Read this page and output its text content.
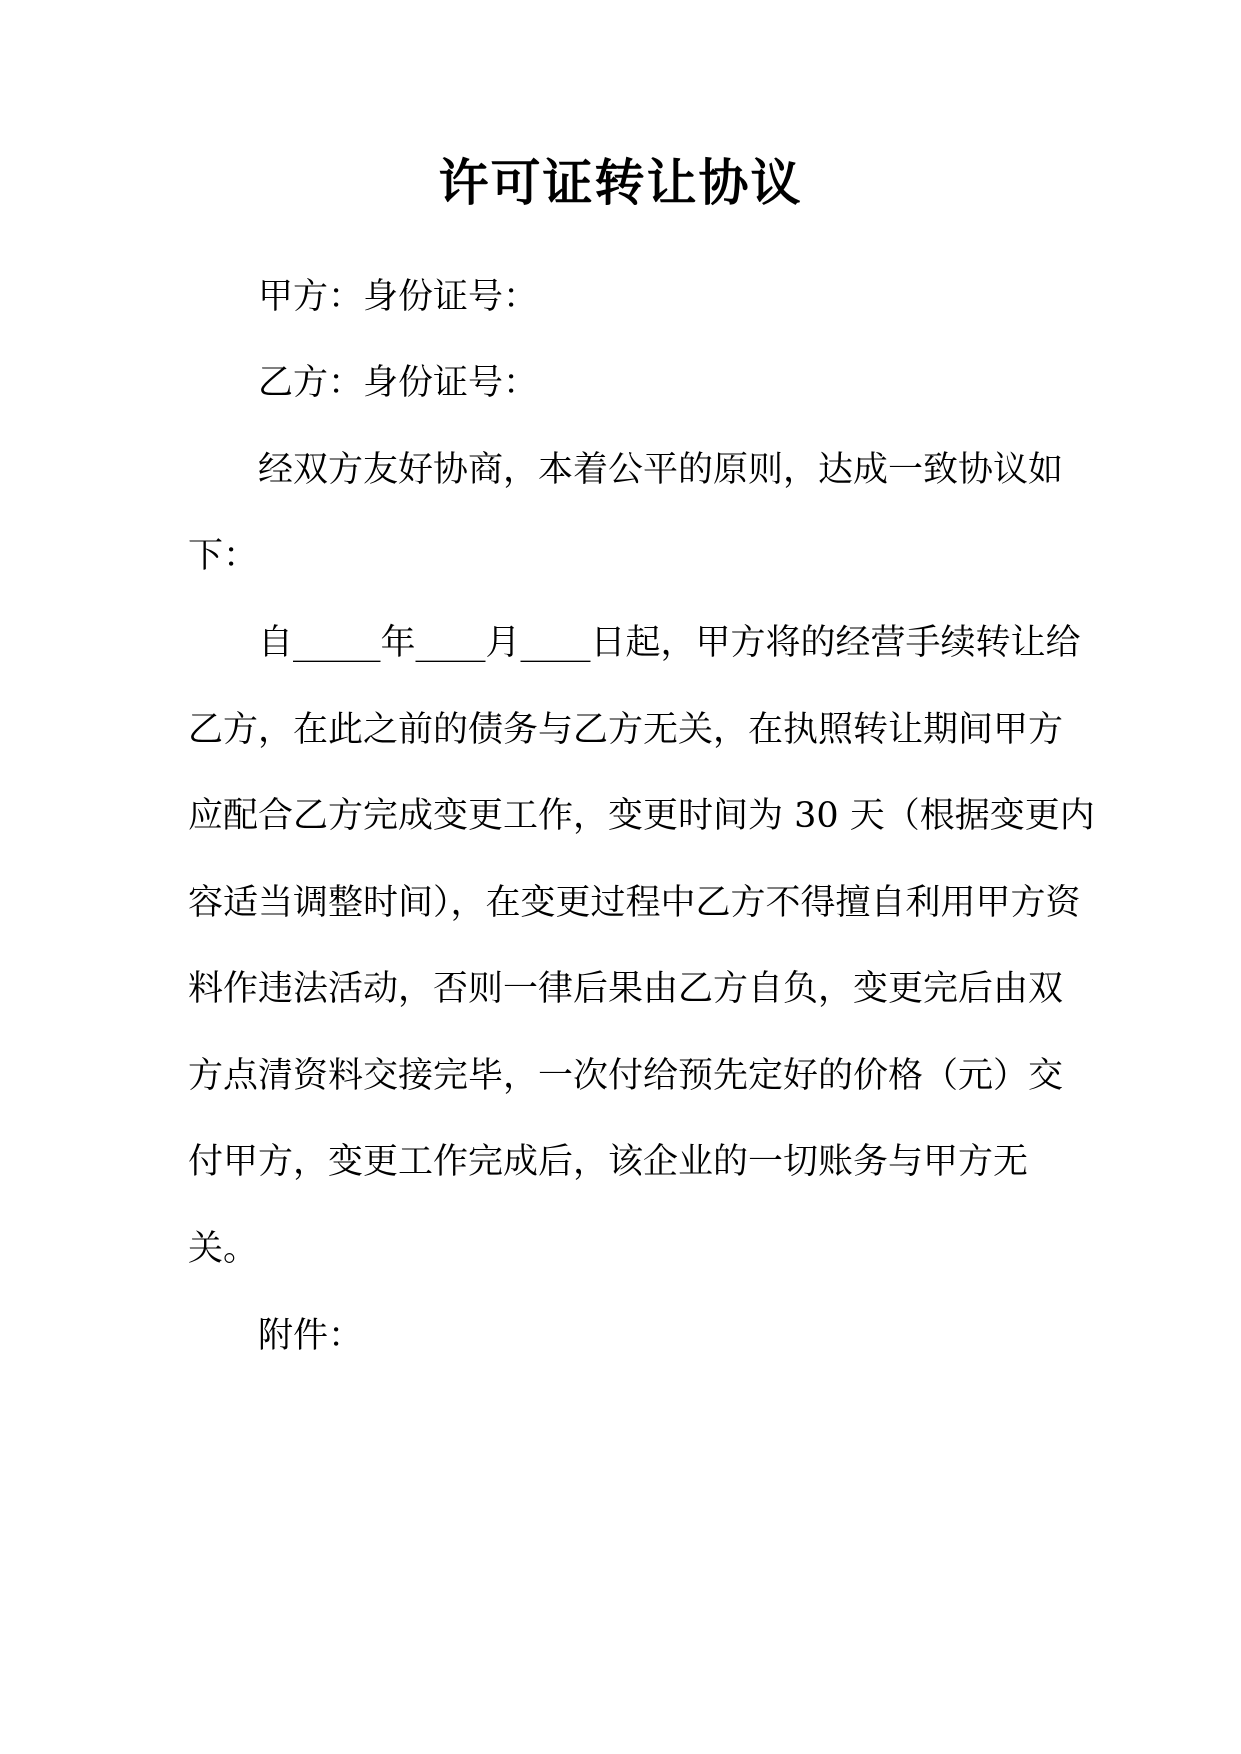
许可证转让协议
甲方：身份证号：
乙方：身份证号：
经双方友好协商，本着公平的原则，达成一致协议如
下：
自_____年____月____日起，甲方将的经营手续转让给
乙方，在此之前的债务与乙方无关，在执照转让期间甲方
应配合乙方完成变更工作，变更时间为 30 天（根据变更内
容适当调整时间），在变更过程中乙方不得擅自利用甲方资
料作违法活动，否则一律后果由乙方自负，变更完后由双
方点清资料交接完毕，一次付给预先定好的价格（元）交
付甲方，变更工作完成后，该企业的一切账务与甲方无
关。
附件：
